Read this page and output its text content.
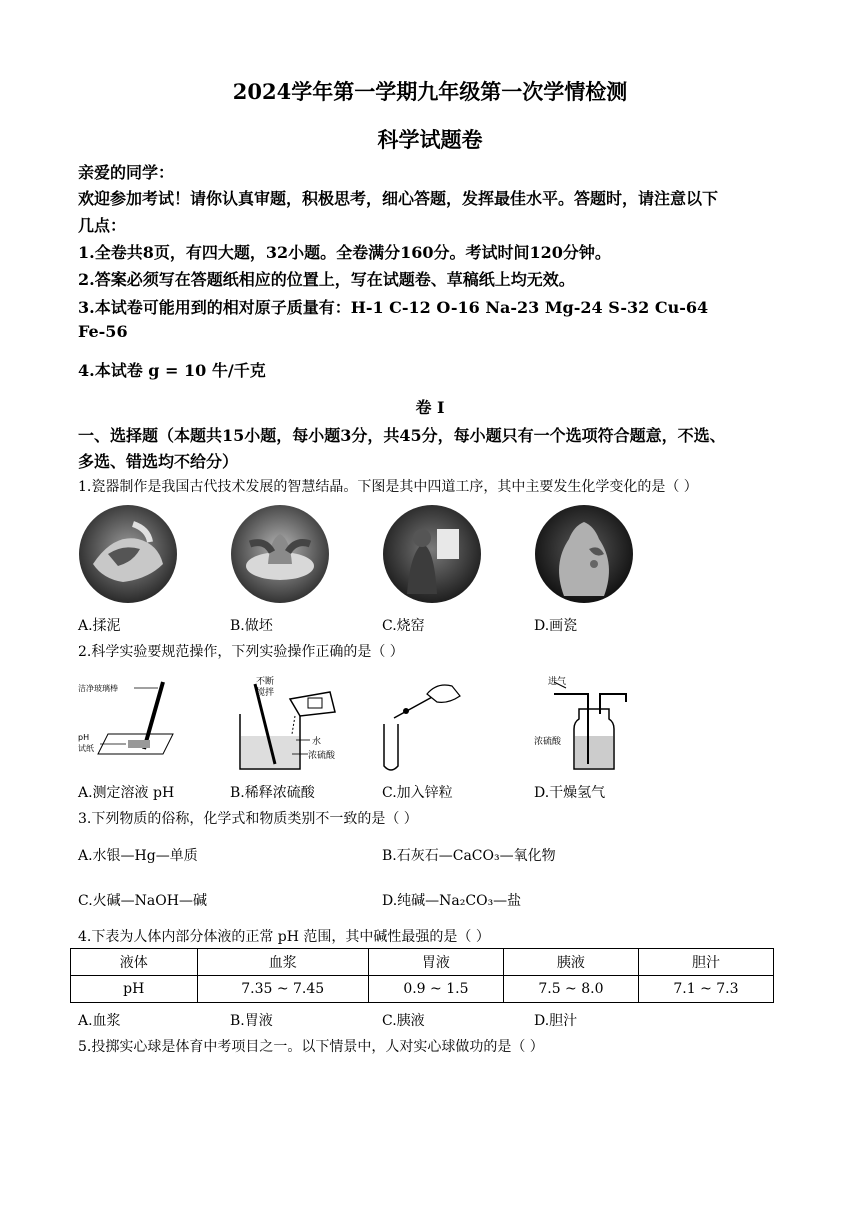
2024学年第一学期九年级第一次学情检测
科学试题卷
亲爱的同学：
欢迎参加考试！请你认真审题，积极思考，细心答题，发挥最佳水平。答题时，请注意以下
几点：
1.全卷共8页，有四大题，32小题。全卷满分160分。考试时间120分钟。
2.答案必须写在答题纸相应的位置上，写在试题卷、草稿纸上均无效。
3.本试卷可能用到的相对原子质量有：H-1 C-12 O-16 Na-23 Mg-24 S-32 Cu-64
Fe-56
4.本试卷 g = 10 牛/千克
卷 I
一、选择题（本题共15小题，每小题3分，共45分，每小题只有一个选项符合题意，不选、
多选、错选均不给分）
1.瓷器制作是我国古代技术发展的智慧结晶。下图是其中四道工序，其中主要发生化学变化的是（ ）
A.揉泥	B.做坯	C.烧窑	D.画瓷
2.科学实验要规范操作，下列实验操作正确的是（ ）
洁净玻璃棒
pH
试纸
不断
搅拌
水
浓硫酸
进气
浓硫酸
A.测定溶液 pH	B.稀释浓硫酸	C.加入锌粒	D.干燥氢气
3.下列物质的俗称，化学式和物质类别不一致的是（ ）
A.水银—Hg—单质	B.石灰石—CaCO₃—氧化物
C.火碱—NaOH—碱	D.纯碱—Na₂CO₃—盐
4.下表为人体内部分体液的正常 pH 范围，其中碱性最强的是（ ）
液体	血浆	胃液	胰液	胆汁
pH	7.35 ~ 7.45	0.9 ~ 1.5	7.5 ~ 8.0	7.1 ~ 7.3
A.血浆	B.胃液	C.胰液	D.胆汁
5.投掷实心球是体育中考项目之一。以下情景中，人对实心球做功的是（ ）
